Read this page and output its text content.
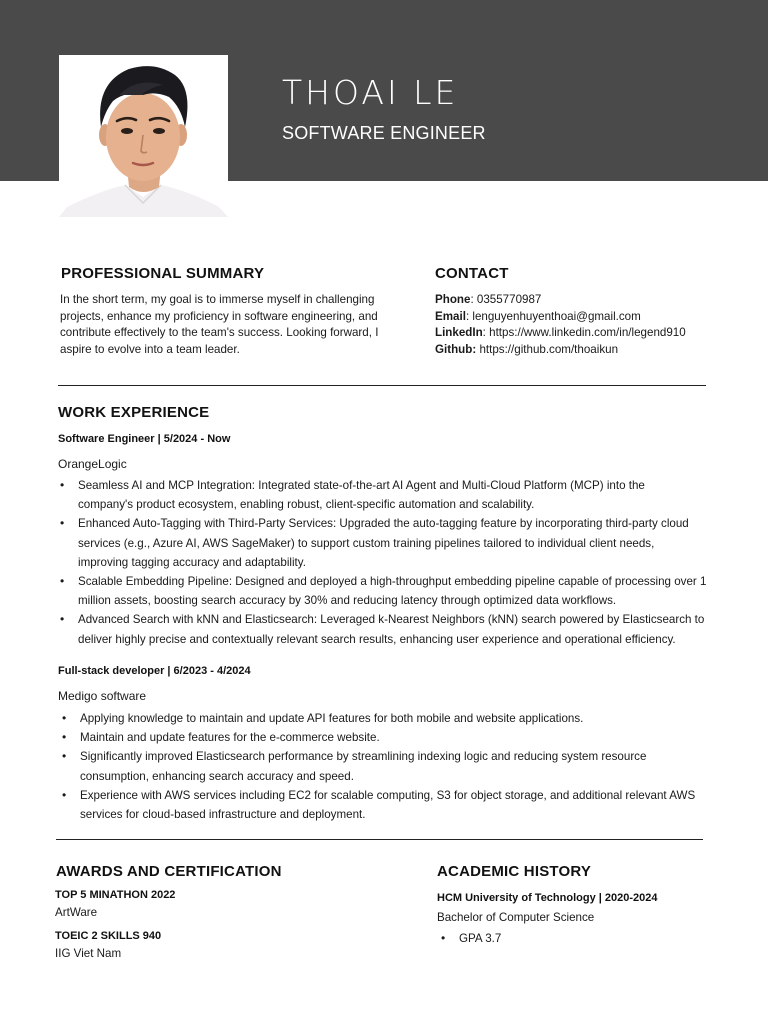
THOAI LE
SOFTWARE ENGINEER
PROFESSIONAL SUMMARY
In the short term, my goal is to immerse myself in challenging
projects, enhance my proficiency in software engineering, and
contribute effectively to the team's success. Looking forward, I
aspire to evolve into a team leader.
CONTACT
Phone: 0355770987
Email: lenguyenhuyenthoai@gmail.com
LinkedIn: https://www.linkedin.com/in/legend910
Github: https://github.com/thoaikun
WORK EXPERIENCE
Software Engineer | 5/2024 - Now
OrangeLogic
• Seamless AI and MCP Integration: Integrated state-of-the-art AI Agent and Multi-Cloud Platform (MCP) into the
company's product ecosystem, enabling robust, client-specific automation and scalability.
• Enhanced Auto-Tagging with Third-Party Services: Upgraded the auto-tagging feature by incorporating third-party cloud
services (e.g., Azure AI, AWS SageMaker) to support custom training pipelines tailored to individual client needs,
improving tagging accuracy and adaptability.
• Scalable Embedding Pipeline: Designed and deployed a high-throughput embedding pipeline capable of processing over 1
million assets, boosting search accuracy by 30% and reducing latency through optimized data workflows.
• Advanced Search with kNN and Elasticsearch: Leveraged k-Nearest Neighbors (kNN) search powered by Elasticsearch to
deliver highly precise and contextually relevant search results, enhancing user experience and operational efficiency.
Full-stack developer | 6/2023 - 4/2024
Medigo software
• Applying knowledge to maintain and update API features for both mobile and website applications.
• Maintain and update features for the e-commerce website.
• Significantly improved Elasticsearch performance by streamlining indexing logic and reducing system resource
consumption, enhancing search accuracy and speed.
• Experience with AWS services including EC2 for scalable computing, S3 for object storage, and additional relevant AWS
services for cloud-based infrastructure and deployment.
AWARDS AND CERTIFICATION
TOP 5 MINATHON 2022
ArtWare
TOEIC 2 SKILLS 940
IIG Viet Nam
ACADEMIC HISTORY
HCM University of Technology | 2020-2024
Bachelor of Computer Science
• GPA 3.7
